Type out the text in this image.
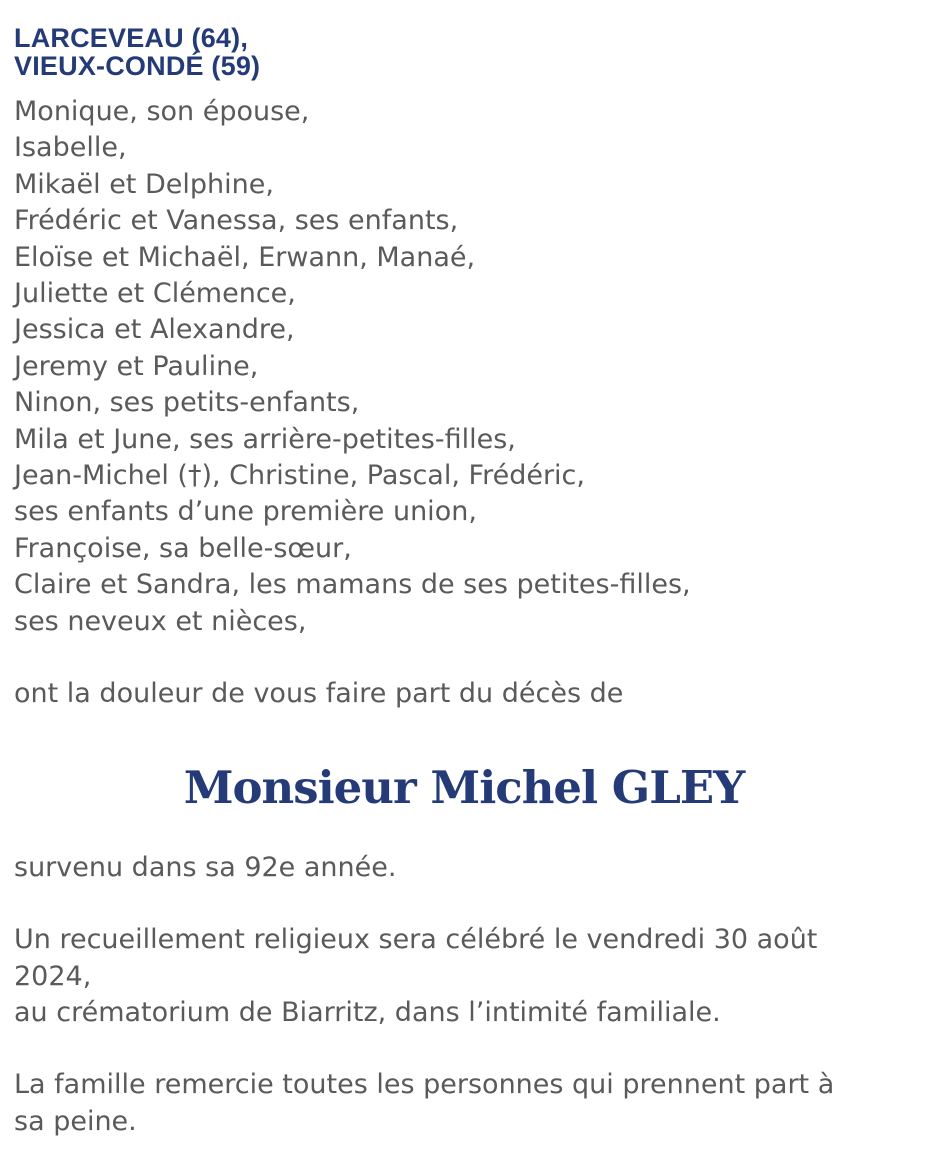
LARCEVEAU (64),
VIEUX-CONDÉ (59)
Monique, son épouse,
Isabelle,
Mikaël et Delphine,
Frédéric et Vanessa, ses enfants,
Eloïse et Michaël, Erwann, Manaé,
Juliette et Clémence,
Jessica et Alexandre,
Jeremy et Pauline,
Ninon, ses petits-enfants,
Mila et June, ses arrière-petites-filles,
Jean-Michel (†), Christine, Pascal, Frédéric,
ses enfants d’une première union,
Françoise, sa belle-sœur,
Claire et Sandra, les mamans de ses petites-filles,
ses neveux et nièces,
ont la douleur de vous faire part du décès de
Monsieur Michel GLEY
survenu dans sa 92e année.
Un recueillement religieux sera célébré le vendredi 30 août
2024,
au crématorium de Biarritz, dans l’intimité familiale.
La famille remercie toutes les personnes qui prennent part à
sa peine.
